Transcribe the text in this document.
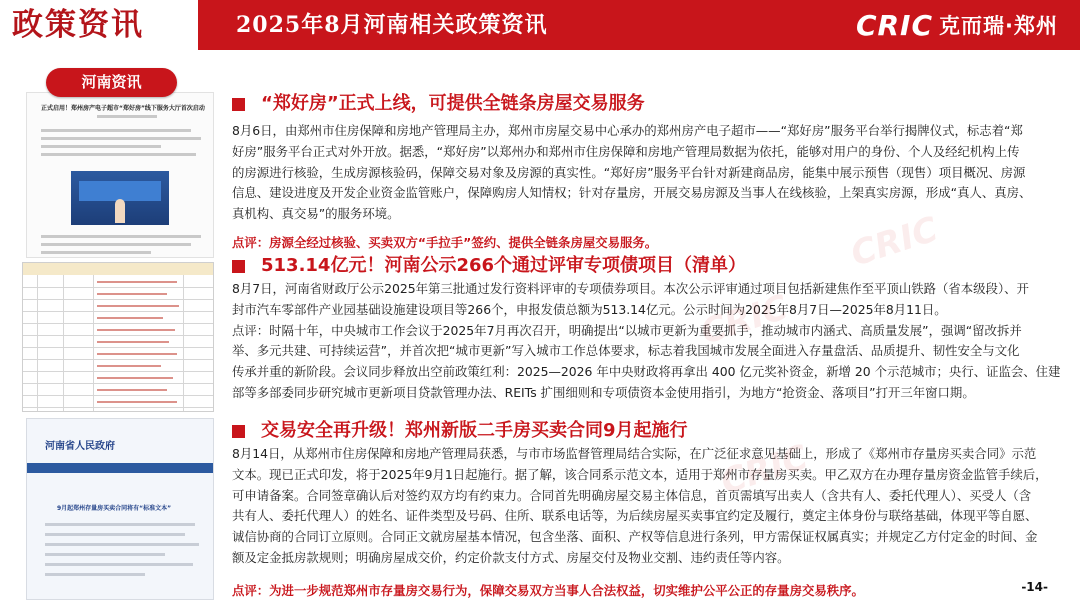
政策资讯	2025年8月河南相关政策资讯	CRIC 克而瑞·郑州
正式启用！郑州房产电子超市“郑好房”线下服务大厅首次启动
河南资讯
河南省人民政府
9月起郑州存量房买卖合同将有“标准文本”
“郑好房”正式上线，可提供全链条房屋交易服务
8月6日，由郑州市住房保障和房地产管理局主办，郑州市房屋交易中心承办的郑州房产电子超市——“郑好房”服务平台举行揭牌仪式，标志着“郑
好房”服务平台正式对外开放。据悉，“郑好房”以郑州办和郑州市住房保障和房地产管理局数据为依托，能够对用户的身份、个人及经纪机构上传
的房源进行核验，生成房源核验码，保障交易对象及房源的真实性。“郑好房”服务平台针对新建商品房，能集中展示预售（现售）项目概况、房源
信息、建设进度及开发企业资金监管账户，保障购房人知情权；针对存量房，开展交易房源及当事人在线核验，上架真实房源，形成“真人、真房、
真机构、真交易”的服务环境。
点评：房源全经过核验、买卖双方“手拉手”签约、提供全链条房屋交易服务。
513.14亿元！河南公示266个通过评审专项债项目（清单）
8月7日，河南省财政厅公示2025年第三批通过发行资料评审的专项债券项目。本次公示评审通过项目包括新建焦作至平顶山铁路（省本级段）、开
封市汽车零部件产业园基础设施建设项目等266个，申报发债总额为513.14亿元。公示时间为2025年8月7日—2025年8月11日。
点评：时隔十年，中央城市工作会议于2025年7月再次召开，明确提出“以城市更新为重要抓手，推动城市内涵式、高质量发展”，强调“留改拆并
举、多元共建、可持续运营”，并首次把“城市更新”写入城市工作总体要求，标志着我国城市发展全面进入存量盘活、品质提升、韧性安全与文化
传承并重的新阶段。会议同步释放出空前政策红利：2025—2026 年中央财政将再拿出 400 亿元奖补资金，新增 20 个示范城市；央行、证监会、住建
部等多部委同步研究城市更新项目贷款管理办法、REITs 扩围细则和专项债资本金使用指引，为地方“抢资金、落项目”打开三年窗口期。
交易安全再升级！郑州新版二手房买卖合同9月起施行
8月14日，从郑州市住房保障和房地产管理局获悉，与市市场监督管理局结合实际，在广泛征求意见基础上，形成了《郑州市存量房买卖合同》示范
文本。现已正式印发，将于2025年9月1日起施行。据了解，该合同系示范文本，适用于郑州市存量房买卖。甲乙双方在办理存量房资金监管手续后，
可申请备案。合同签章确认后对签约双方均有约束力。合同首先明确房屋交易主体信息，首页需填写出卖人（含共有人、委托代理人）、买受人（含
共有人、委托代理人）的姓名、证件类型及号码、住所、联系电话等，为后续房屋买卖事宜约定及履行，奠定主体身份与联络基础，体现平等自愿、
诚信协商的合同订立原则。合同正文就房屋基本情况，包含坐落、面积、产权等信息进行条列，甲方需保证权属真实；并规定乙方付定金的时间、金
额及定金抵房款规则；明确房屋成交价，约定价款支付方式、房屋交付及物业交割、违约责任等内容。
点评：为进一步规范郑州市存量房交易行为，保障交易双方当事人合法权益，切实维护公平公正的存量房交易秩序。
CRIC
CRIC
CRIC
-14-
